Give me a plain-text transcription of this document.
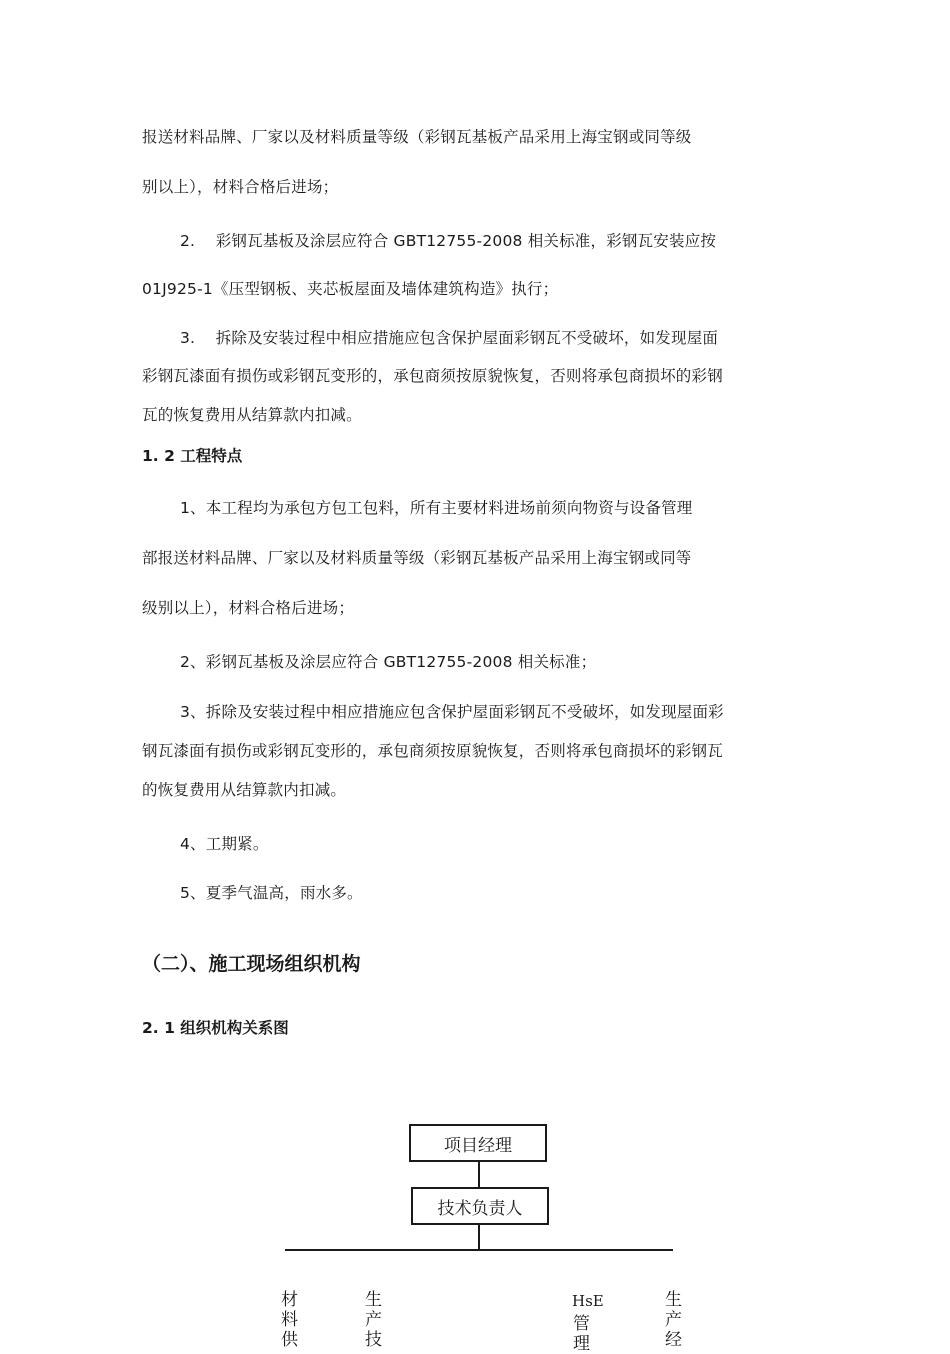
报送材料品牌、厂家以及材料质量等级（彩钢瓦基板产品采用上海宝钢或同等级
别以上），材料合格后进场；
2.    彩钢瓦基板及涂层应符合 GBT12755-2008 相关标准，彩钢瓦安装应按
01J925-1《压型钢板、夹芯板屋面及墙体建筑构造》执行；
3.    拆除及安装过程中相应措施应包含保护屋面彩钢瓦不受破坏，如发现屋面
彩钢瓦漆面有损伤或彩钢瓦变形的，承包商须按原貌恢复，否则将承包商损坏的彩钢
瓦的恢复费用从结算款内扣减。
1. 2 工程特点
1、本工程均为承包方包工包料，所有主要材料进场前须向物资与设备管理
部报送材料品牌、厂家以及材料质量等级（彩钢瓦基板产品采用上海宝钢或同等
级别以上），材料合格后进场；
2、彩钢瓦基板及涂层应符合 GBT12755-2008 相关标准；
3、拆除及安装过程中相应措施应包含保护屋面彩钢瓦不受破坏，如发现屋面彩
钢瓦漆面有损伤或彩钢瓦变形的，承包商须按原貌恢复，否则将承包商损坏的彩钢瓦
的恢复费用从结算款内扣减。
4、工期紧。
5、夏季气温高，雨水多。
（二）、施工现场组织机构
2. 1 组织机构关系图
项目经理
技术负责人
材料供
生产技
HsE
管理
生产经
